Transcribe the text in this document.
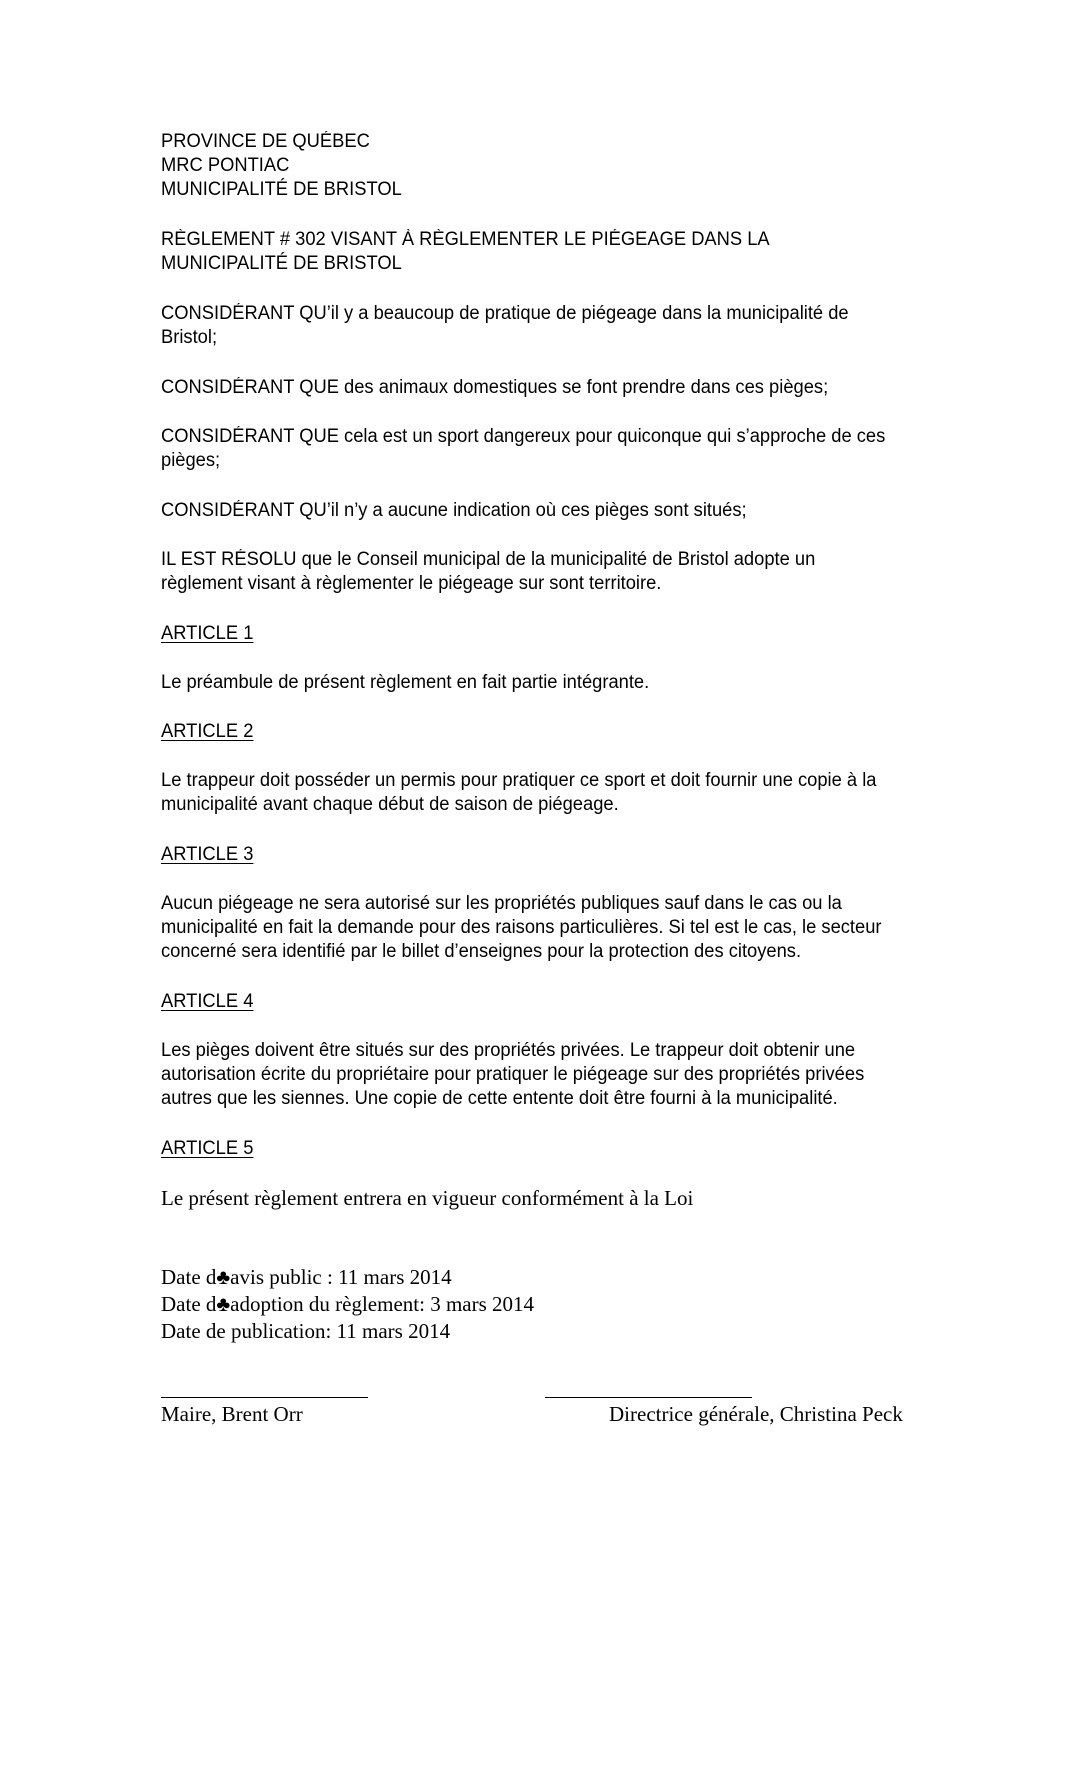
PROVINCE DE QUÉBEC
MRC PONTIAC
MUNICIPALITÉ DE BRISTOL
RÈGLEMENT # 302 VISANT À RÈGLEMENTER LE PIÉGEAGE DANS LA
MUNICIPALITÉ DE BRISTOL
CONSIDÉRANT QU’il y a beaucoup de pratique de piégeage dans la municipalité de
Bristol;
CONSIDÉRANT QUE des animaux domestiques se font prendre dans ces pièges;
CONSIDÉRANT QUE cela est un sport dangereux pour quiconque qui s’approche de ces
pièges;
CONSIDÉRANT QU’il n’y a aucune indication où ces pièges sont situés;
IL EST RÉSOLU que le Conseil municipal de la municipalité de Bristol adopte un
règlement visant à règlementer le piégeage sur sont territoire.
ARTICLE 1
Le préambule de présent règlement en fait partie intégrante.
ARTICLE 2
Le trappeur doit posséder un permis pour pratiquer ce sport et doit fournir une copie à la
municipalité avant chaque début de saison de piégeage.
ARTICLE 3
Aucun piégeage ne sera autorisé sur les propriétés publiques sauf dans le cas ou la
municipalité en fait la demande pour des raisons particulières. Si tel est le cas, le secteur
concerné sera identifié par le billet d’enseignes pour la protection des citoyens.
ARTICLE 4
Les pièges doivent être situés sur des propriétés privées. Le trappeur doit obtenir une
autorisation écrite du propriétaire pour pratiquer le piégeage sur des propriétés privées
autres que les siennes. Une copie de cette entente doit être fourni à la municipalité.
ARTICLE 5
Le présent règlement entrera en vigueur conformément à la Loi
Date d♣avis public : 11 mars 2014
Date d♣adoption du règlement: 3 mars 2014
Date de publication: 11 mars 2014
Maire, Brent Orr	Directrice générale, Christina Peck
